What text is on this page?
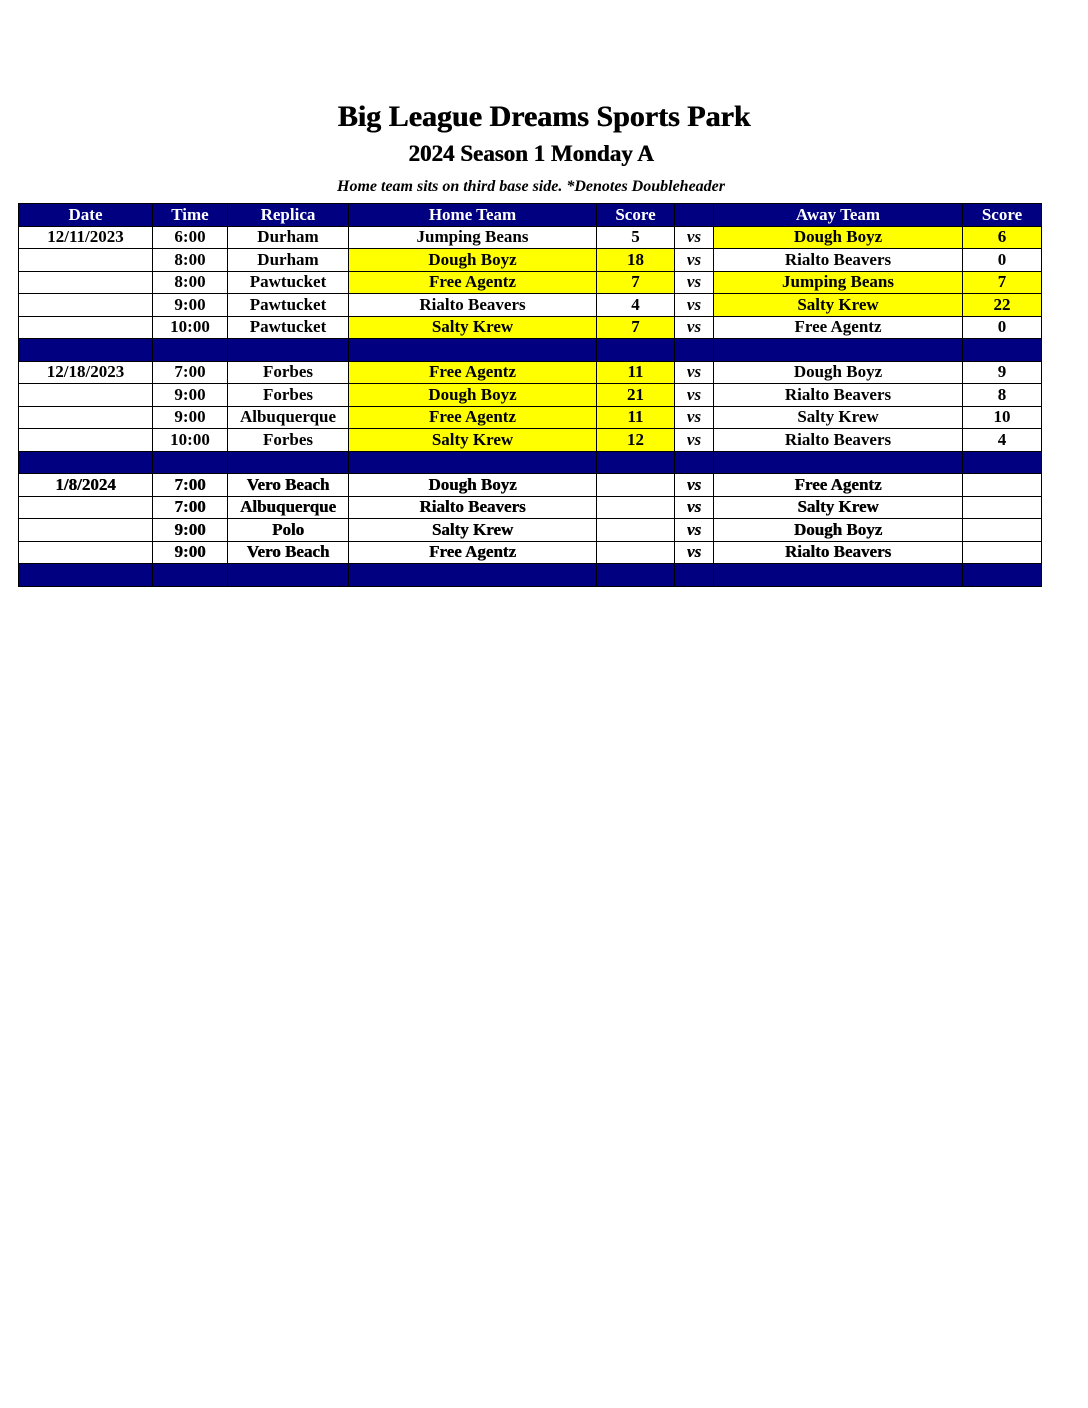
Big League Dreams Sports Park
2024 Season 1 Monday A
Home team sits on third base side. *Denotes Doubleheader
Date	Time	Replica	Home Team	Score		Away Team	Score
12/11/2023	6:00	Durham	Jumping Beans	5	vs	Dough Boyz	6
	8:00	Durham	Dough Boyz	18	vs	Rialto Beavers	0
	8:00	Pawtucket	Free Agentz	7	vs	Jumping Beans	7
	9:00	Pawtucket	Rialto Beavers	4	vs	Salty Krew	22
	10:00	Pawtucket	Salty Krew	7	vs	Free Agentz	0

12/18/2023	7:00	Forbes	Free Agentz	11	vs	Dough Boyz	9
	9:00	Forbes	Dough Boyz	21	vs	Rialto Beavers	8
	9:00	Albuquerque	Free Agentz	11	vs	Salty Krew	10
	10:00	Forbes	Salty Krew	12	vs	Rialto Beavers	4

1/8/2024	7:00	Vero Beach	Dough Boyz		vs	Free Agentz	
	7:00	Albuquerque	Rialto Beavers		vs	Salty Krew	
	9:00	Polo	Salty Krew		vs	Dough Boyz	
	9:00	Vero Beach	Free Agentz		vs	Rialto Beavers	
